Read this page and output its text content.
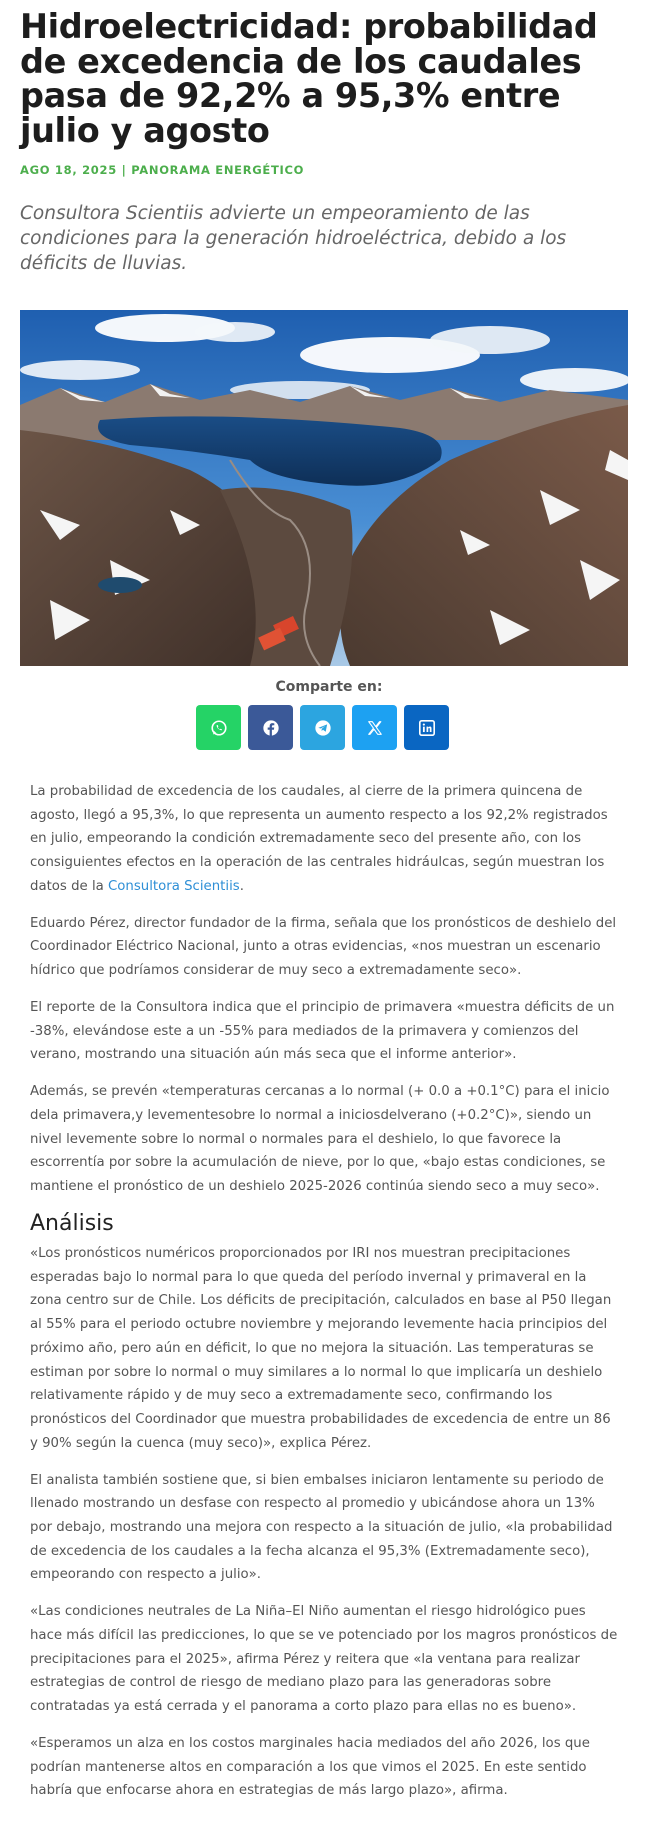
Hidroelectricidad: probabilidad de excedencia de los caudales pasa de 92,2% a 95,3% entre julio y agosto
AGO 18, 2025 | PANORAMA ENERGÉTICO
Consultora Scientiis advierte un empeoramiento de las condiciones para la generación hidroeléctrica, debido a los déficits de lluvias.
Comparte en:

La probabilidad de excedencia de los caudales, al cierre de la primera quincena de agosto, llegó a 95,3%, lo que representa un aumento respecto a los 92,2% registrados en julio, empeorando la condición extremadamente seco del presente año, con los consiguientes efectos en la operación de las centrales hidráulcas, según muestran los datos de la Consultora Scientiis.

Eduardo Pérez, director fundador de la firma, señala que los pronósticos de deshielo del Coordinador Eléctrico Nacional, junto a otras evidencias, «nos muestran un escenario hídrico que podríamos considerar de muy seco a extremadamente seco».

El reporte de la Consultora indica que el principio de primavera «muestra déficits de un -38%, elevándose este a un -55% para mediados de la primavera y comienzos del verano, mostrando una situación aún más seca que el informe anterior».

Además, se prevén «temperaturas cercanas a lo normal (+ 0.0 a +0.1°C) para el inicio dela primavera,y levementesobre lo normal a iniciosdelverano (+0.2°C)», siendo un nivel levemente sobre lo normal o normales para el deshielo, lo que favorece la escorrentía por sobre la acumulación de nieve, por lo que, «bajo estas condiciones, se mantiene el pronóstico de un deshielo 2025-2026 continúa siendo seco a muy seco».

Análisis

«Los pronósticos numéricos proporcionados por IRI nos muestran precipitaciones esperadas bajo lo normal para lo que queda del período invernal y primaveral en la zona centro sur de Chile. Los déficits de precipitación, calculados en base al P50 llegan al 55% para el periodo octubre noviembre y mejorando levemente hacia principios del próximo año, pero aún en déficit, lo que no mejora la situación. Las temperaturas se estiman por sobre lo normal o muy similares a lo normal lo que implicaría un deshielo relativamente rápido y de muy seco a extremadamente seco, confirmando los pronósticos del Coordinador que muestra probabilidades de excedencia de entre un 86 y 90% según la cuenca (muy seco)», explica Pérez.

El analista también sostiene que, si bien embalses iniciaron lentamente su periodo de llenado mostrando un desfase con respecto al promedio y ubicándose ahora un 13% por debajo, mostrando una mejora con respecto a la situación de julio, «la probabilidad de excedencia de los caudales a la fecha alcanza el 95,3% (Extremadamente seco), empeorando con respecto a julio».

«Las condiciones neutrales de La Niña–El Niño aumentan el riesgo hidrológico pues hace más difícil las predicciones, lo que se ve potenciado por los magros pronósticos de precipitaciones para el 2025», afirma Pérez y reitera que «la ventana para realizar estrategias de control de riesgo de mediano plazo para las generadoras sobre contratadas ya está cerrada y el panorama a corto plazo para ellas no es bueno».

«Esperamos un alza en los costos marginales hacia mediados del año 2026, los que podrían mantenerse altos en comparación a los que vimos el 2025. En este sentido habría que enfocarse ahora en estrategias de más largo plazo», afirma.
